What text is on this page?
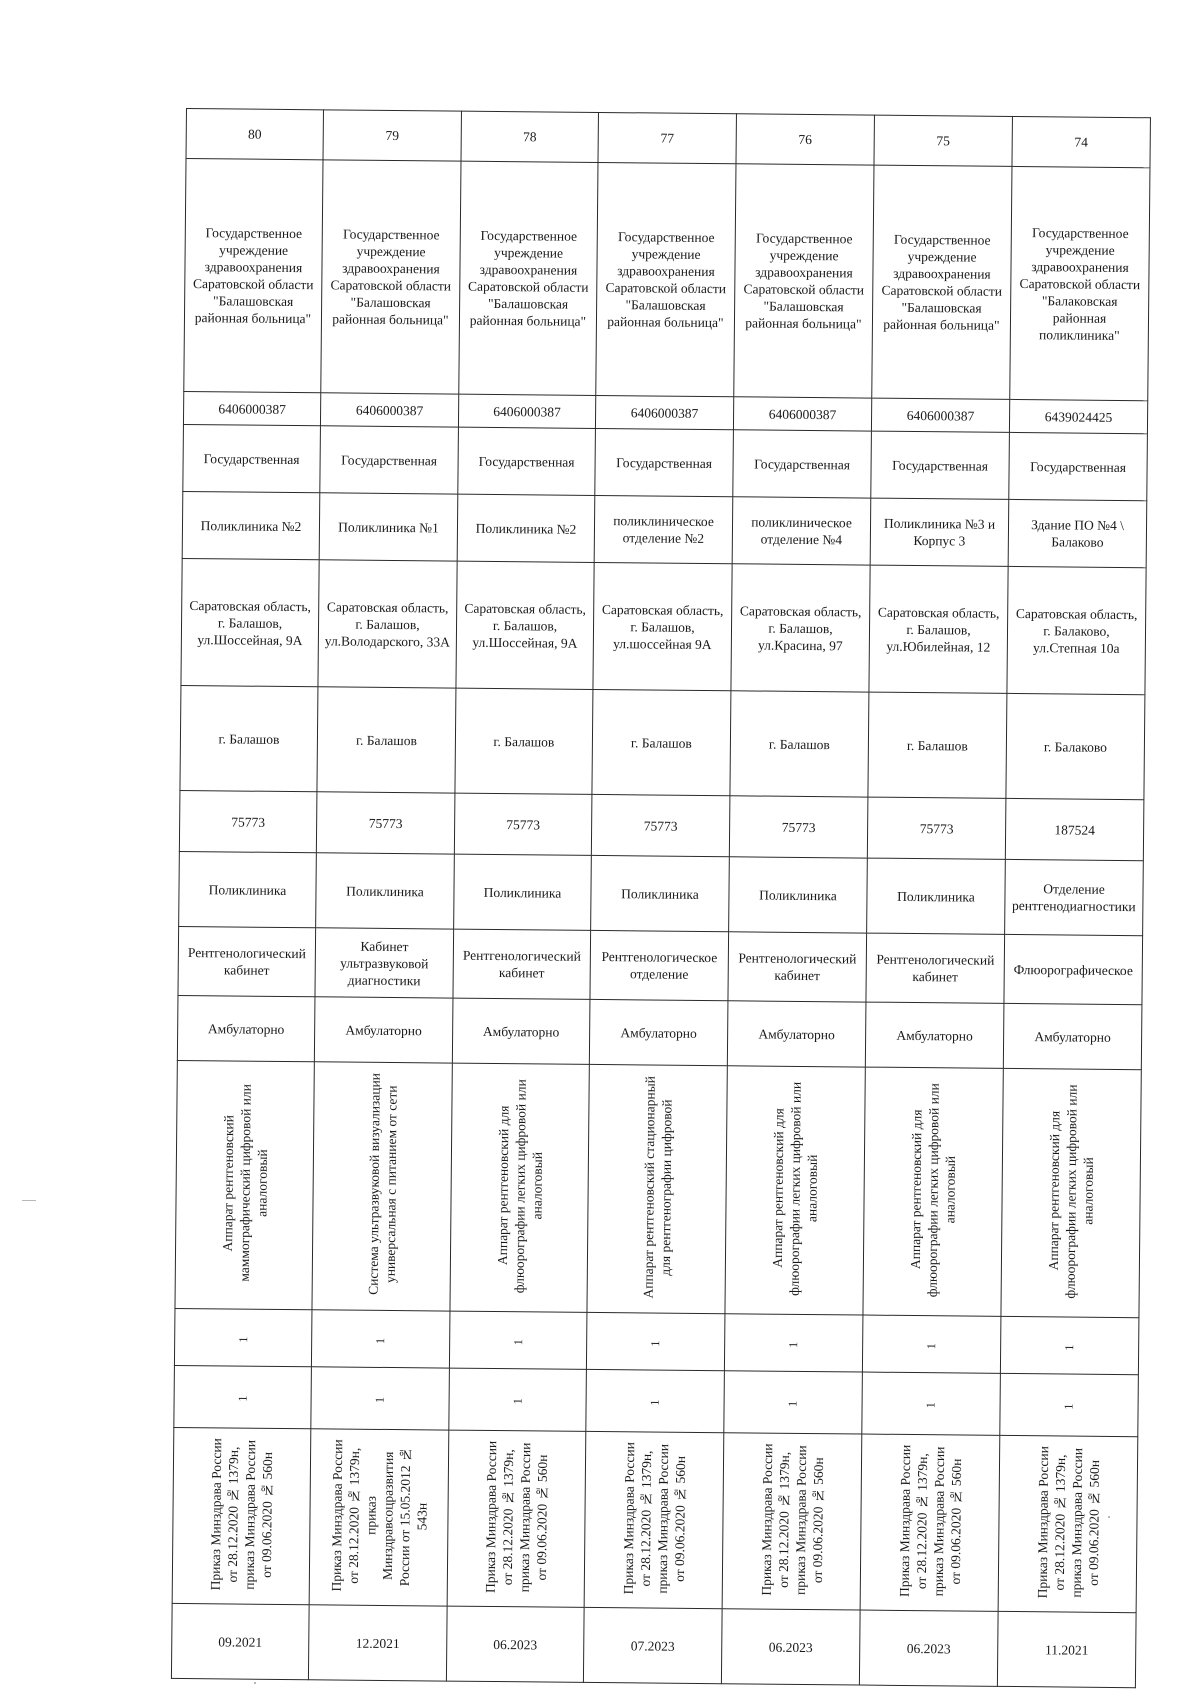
80	79	78	77	76	75	74
Государственное учреждение здравоохранения Саратовской области "Балашовская районная больница"	Государственное учреждение здравоохранения Саратовской области "Балашовская районная больница"	Государственное учреждение здравоохранения Саратовской области "Балашовская районная больница"	Государственное учреждение здравоохранения Саратовской области "Балашовская районная больница"	Государственное учреждение здравоохранения Саратовской области "Балашовская районная больница"	Государственное учреждение здравоохранения Саратовской области "Балашовская районная больница"	Государственное учреждение здравоохранения Саратовской области "Балаковская районная поликлиника"
6406000387	6406000387	6406000387	6406000387	6406000387	6406000387	6439024425
Государственная	Государственная	Государственная	Государственная	Государственная	Государственная	Государственная
Поликлиника №2	Поликлиника №1	Поликлиника №2	поликлиническое отделение №2	поликлиническое отделение №4	Поликлиника №3 и Корпус 3	Здание ПО №4 \ Балаково
Саратовская область, г. Балашов, ул.Шоссейная, 9А	Саратовская область, г. Балашов, ул.Володарского, 33А	Саратовская область, г. Балашов, ул.Шоссейная, 9А	Саратовская область, г. Балашов, ул.шоссейная 9А	Саратовская область, г. Балашов, ул.Красина, 97	Саратовская область, г. Балашов, ул.Юбилейная, 12	Саратовская область, г. Балаково, ул.Степная 10а
г. Балашов	г. Балашов	г. Балашов	г. Балашов	г. Балашов	г. Балашов	г. Балаково
75773	75773	75773	75773	75773	75773	187524
Поликлиника	Поликлиника	Поликлиника	Поликлиника	Поликлиника	Поликлиника	Отделение рентгенодиагностики
Рентгенологический кабинет	Кабинет ультразвуковой диагностики	Рентгенологический кабинет	Рентгенологическое отделение	Рентгенологический кабинет	Рентгенологический кабинет	Флюорографическое
Амбулаторно	Амбулаторно	Амбулаторно	Амбулаторно	Амбулаторно	Амбулаторно	Амбулаторно
Аппарат рентгеновский маммографический цифровой или аналоговый	Система ультразвуковой визуализации универсальная с питанием от сети	Аппарат рентгеновский для флюорографии легких цифровой или аналоговый	Аппарат рентгеновский стационарный для рентгенографии цифровой	Аппарат рентгеновский для флюорографии легких цифровой или аналоговый	Аппарат рентгеновский для флюорографии легких цифровой или аналоговый	Аппарат рентгеновский для флюорографии легких цифровой или аналоговый
1	1	1	1	1	1	1
1	1	1	1	1	1	1
Приказ Минздрава России от 28.12.2020 № 1379н, приказ Минздрава России от 09.06.2020 № 560н	Приказ Минздрава России от 28.12.2020 № 1379н, приказ Минздравсоцразвития России от 15.05.2012 № 543н	Приказ Минздрава России от 28.12.2020 № 1379н, приказ Минздрава России от 09.06.2020 № 560н	Приказ Минздрава России от 28.12.2020 № 1379н, приказ Минздрава России от 09.06.2020 № 560н	Приказ Минздрава России от 28.12.2020 № 1379н, приказ Минздрава России от 09.06.2020 № 560н	Приказ Минздрава России от 28.12.2020 № 1379н, приказ Минздрава России от 09.06.2020 № 560н	Приказ Минздрава России от 28.12.2020 № 1379н, приказ Минздрава России от 09.06.2020 № 560н
09.2021	12.2021	06.2023	07.2023	06.2023	06.2023	11.2021
